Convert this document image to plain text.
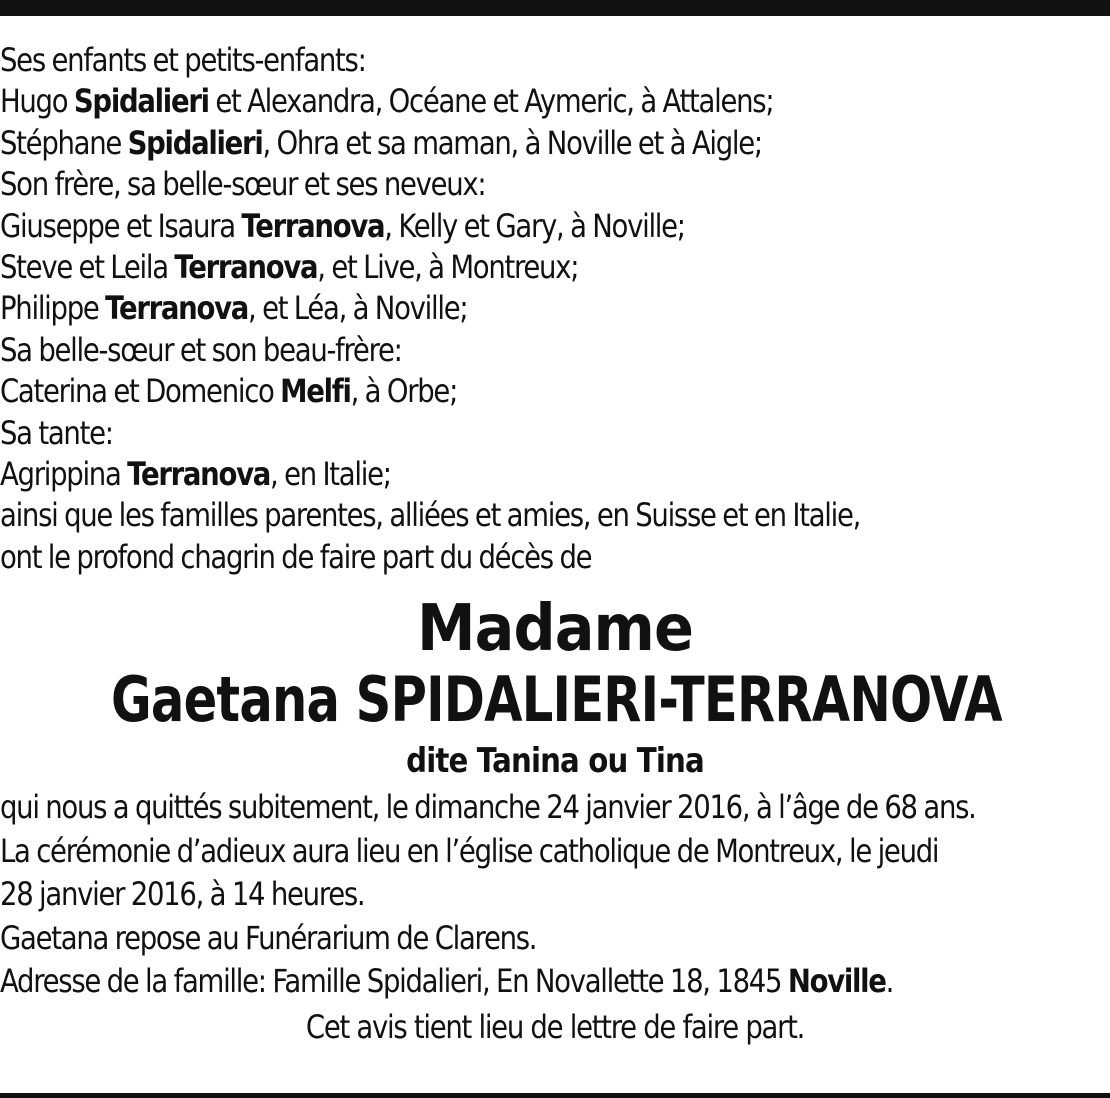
Ses enfants et petits-enfants:
Hugo Spidalieri et Alexandra, Océane et Aymeric, à Attalens;
Stéphane Spidalieri, Ohra et sa maman, à Noville et à Aigle;
Son frère, sa belle-sœur et ses neveux:
Giuseppe et Isaura Terranova, Kelly et Gary, à Noville;
Steve et Leila Terranova, et Live, à Montreux;
Philippe Terranova, et Léa, à Noville;
Sa belle-sœur et son beau-frère:
Caterina et Domenico Melfi, à Orbe;
Sa tante:
Agrippina Terranova, en Italie;
ainsi que les familles parentes, alliées et amies, en Suisse et en Italie,
ont le profond chagrin de faire part du décès de
Madame
Gaetana SPIDALIERI-TERRANOVA
dite Tanina ou Tina
qui nous a quittés subitement, le dimanche 24 janvier 2016, à l’âge de 68 ans.
La cérémonie d’adieux aura lieu en l’église catholique de Montreux, le jeudi
28 janvier 2016, à 14 heures.
Gaetana repose au Funérarium de Clarens.
Adresse de la famille: Famille Spidalieri, En Novallette 18, 1845 Noville.
Cet avis tient lieu de lettre de faire part.
